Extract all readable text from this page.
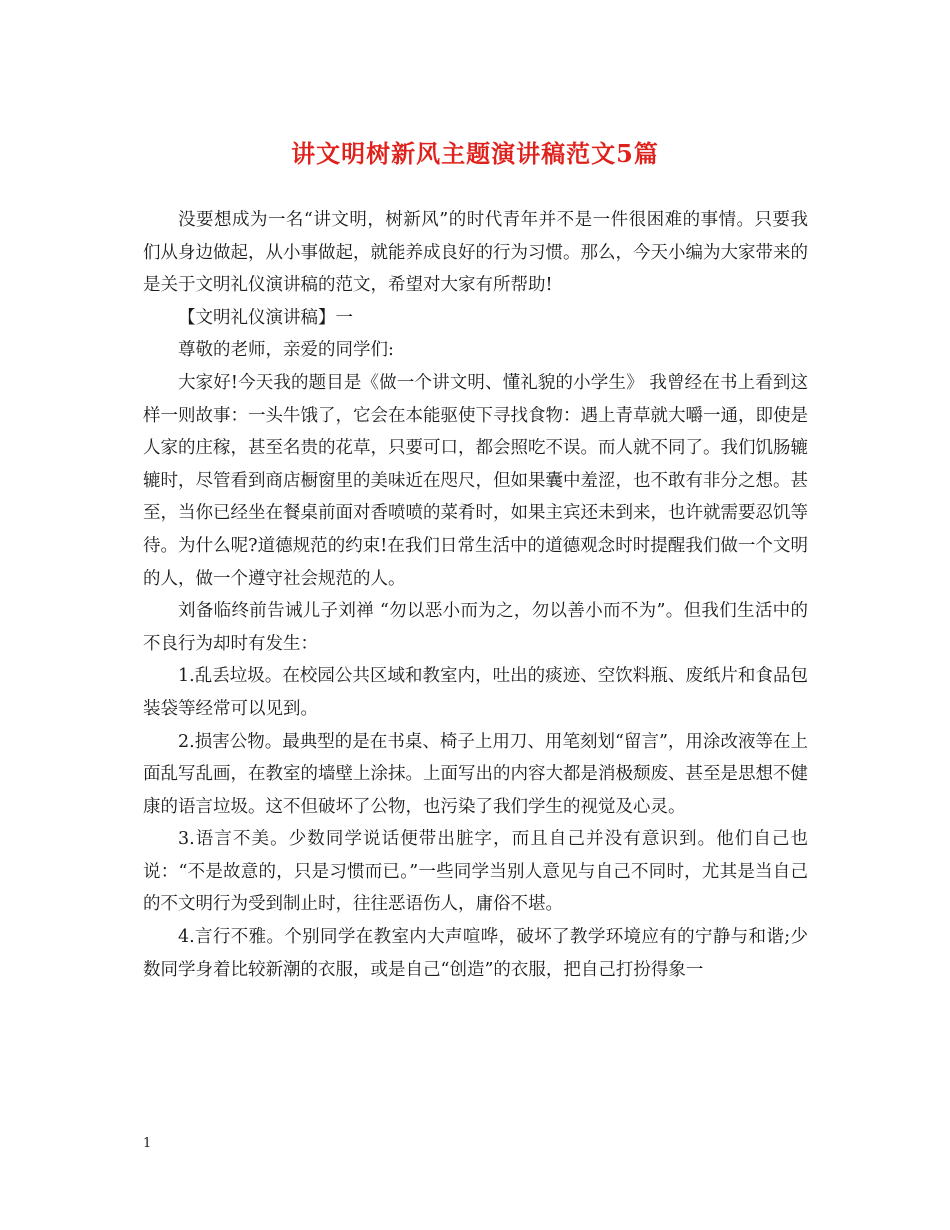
讲文明树新风主题演讲稿范文5篇

没要想成为一名“讲文明，树新风”的时代青年并不是一件很困难的事情。只要我们从身边做起，从小事做起，就能养成良好的行为习惯。那么，今天小编为大家带来的是关于文明礼仪演讲稿的范文，希望对大家有所帮助!

【文明礼仪演讲稿】一

尊敬的老师，亲爱的同学们:

大家好!今天我的题目是《做一个讲文明、懂礼貌的小学生》 我曾经在书上看到这样一则故事：一头牛饿了，它会在本能驱使下寻找食物：遇上青草就大嚼一通，即使是人家的庄稼，甚至名贵的花草，只要可口，都会照吃不误。而人就不同了。我们饥肠辘辘时，尽管看到商店橱窗里的美味近在咫尺，但如果囊中羞涩，也不敢有非分之想。甚至，当你已经坐在餐桌前面对香喷喷的菜肴时，如果主宾还未到来，也许就需要忍饥等待。为什么呢?道德规范的约束!在我们日常生活中的道德观念时时提醒我们做一个文明的人，做一个遵守社会规范的人。

刘备临终前告诫儿子刘禅 “勿以恶小而为之，勿以善小而不为”。但我们生活中的不良行为却时有发生：

1.乱丢垃圾。在校园公共区域和教室内，吐出的痰迹、空饮料瓶、废纸片和食品包装袋等经常可以见到。

2.损害公物。最典型的是在书桌、椅子上用刀、用笔刻划“留言”，用涂改液等在上面乱写乱画，在教室的墙壁上涂抹。上面写出的内容大都是消极颓废、甚至是思想不健康的语言垃圾。这不但破坏了公物，也污染了我们学生的视觉及心灵。

3.语言不美。少数同学说话便带出脏字，而且自己并没有意识到。他们自己也说：“不是故意的，只是习惯而已。”一些同学当别人意见与自己不同时，尤其是当自己的不文明行为受到制止时，往往恶语伤人，庸俗不堪。

4.言行不雅。个别同学在教室内大声喧哗，破坏了教学环境应有的宁静与和谐;少数同学身着比较新潮的衣服，或是自己“创造”的衣服，把自己打扮得象一

1
